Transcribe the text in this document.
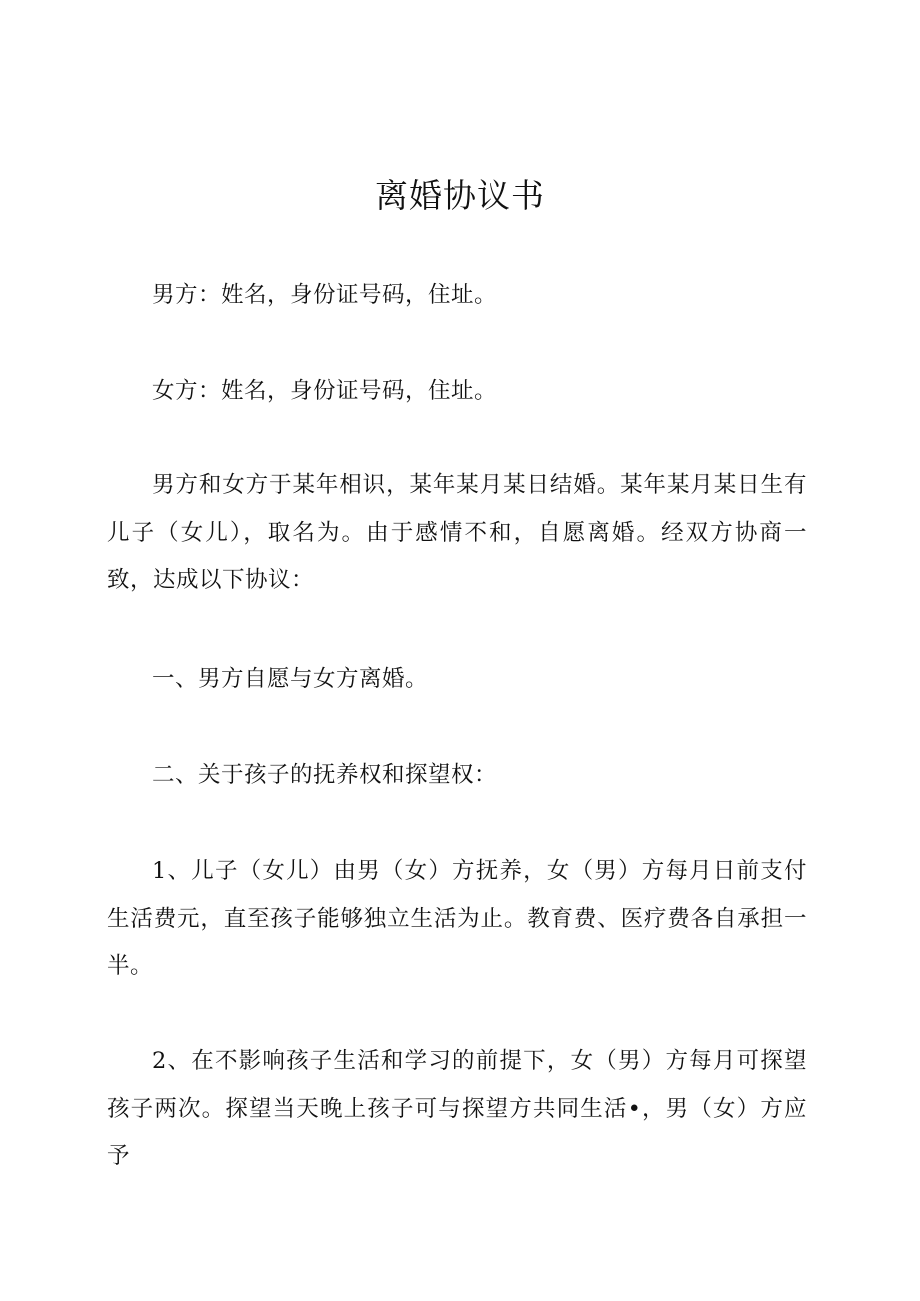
离婚协议书

男方：姓名，身份证号码，住址。

女方：姓名，身份证号码，住址。

男方和女方于某年相识，某年某月某日结婚。某年某月某日生有儿子（女儿），取名为。由于感情不和，自愿离婚。经双方协商一致，达成以下协议：

一、男方自愿与女方离婚。

二、关于孩子的抚养权和探望权：

1、儿子（女儿）由男（女）方抚养，女（男）方每月日前支付生活费元，直至孩子能够独立生活为止。教育费、医疗费各自承担一半。

2、在不影响孩子生活和学习的前提下，女（男）方每月可探望孩子两次。探望当天晚上孩子可与探望方共同生活•，男（女）方应予
